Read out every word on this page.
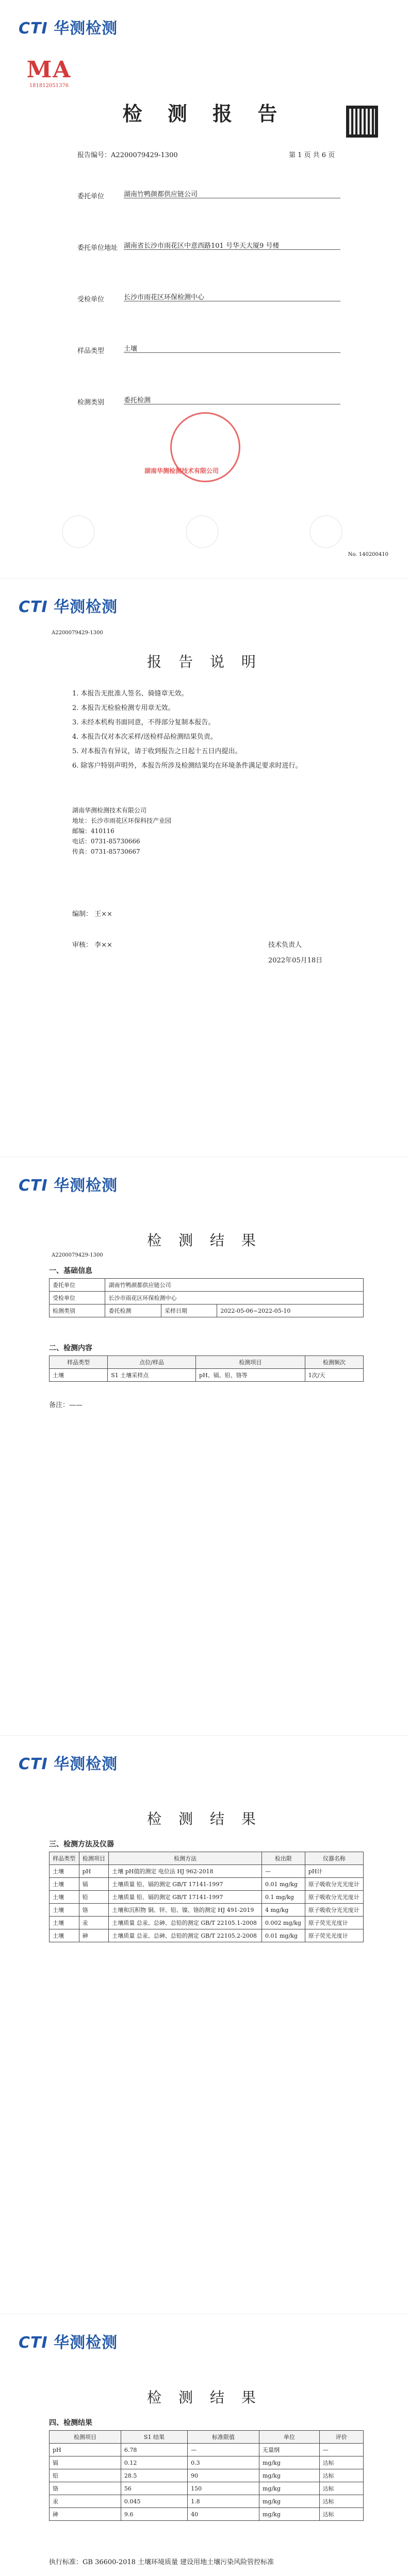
CTI 华测检测
MA
181812051376
检 测 报 告
报告编号：A2200079429-1300	第 1 页 共 6 页
委托单位	湖南竹鸭颜都供应链公司
委托单位地址 湖南省长沙市雨花区中意西路101 号华天大厦9 号楼
受检单位	长沙市雨花区环保检测中心
样品类型	土壤
检测类别	委托检测
湖南华测检测技术有限公司
No. 140200410
CTI 华测检测
A2200079429-1300
报 告 说 明
1. 本报告无批准人签名、骑缝章无效。
2. 本报告无检验检测专用章无效。
3. 未经本机构书面同意，不得部分复制本报告。
4. 本报告仅对本次采样/送检样品检测结果负责。
5. 对本报告有异议，请于收到报告之日起十五日内提出。
6. 除客户特别声明外，本报告所涉及检测结果均在环境条件满足要求时进行。
湖南华测检测技术有限公司
地址：长沙市雨花区环保科技产业园
邮编：410116
电话：0731-85730666
传真：0731-85730667
编制： 王××
审核： 李××	技术负责人
2022年05月18日
CTI 华测检测
检 测 结 果
A2200079429-1300
一、基础信息
委托单位	湖南竹鸭颜都供应链公司		
受检单位	长沙市雨花区环保检测中心		
检测类别	委托检测	采样日期	2022-05-06~2022-05-10
二、检测内容
样品类型	点位/样品	检测项目	检测频次
土壤	S1 土壤采样点	pH、镉、铅、铬等	1次/天
备注：——
CTI 华测检测
检 测 结 果
三、检测方法及仪器
样品类型	检测项目	检测方法	检出限	仪器名称
土壤	pH	土壤 pH值的测定 电位法 HJ 962-2018	—	pH计
土壤	镉	土壤质量 铅、镉的测定 GB/T 17141-1997	0.01 mg/kg	原子吸收分光光度计
土壤	铅	土壤质量 铅、镉的测定 GB/T 17141-1997	0.1 mg/kg	原子吸收分光光度计
土壤	铬	土壤和沉积物 铜、锌、铅、镍、铬的测定 HJ 491-2019	4 mg/kg	原子吸收分光光度计
土壤	汞	土壤质量 总汞、总砷、总铅的测定 GB/T 22105.1-2008	0.002 mg/kg	原子荧光光度计
土壤	砷	土壤质量 总汞、总砷、总铅的测定 GB/T 22105.2-2008	0.01 mg/kg	原子荧光光度计
CTI 华测检测
检 测 结 果
四、检测结果
检测项目	S1 结果	标准限值	单位	评价
pH	6.78	—	无量纲	—
镉	0.12	0.3	mg/kg	达标
铅	28.5	90	mg/kg	达标
铬	56	150	mg/kg	达标
汞	0.045	1.8	mg/kg	达标
砷	9.6	40	mg/kg	达标
执行标准：GB 36600-2018 土壤环境质量 建设用地土壤污染风险管控标准
